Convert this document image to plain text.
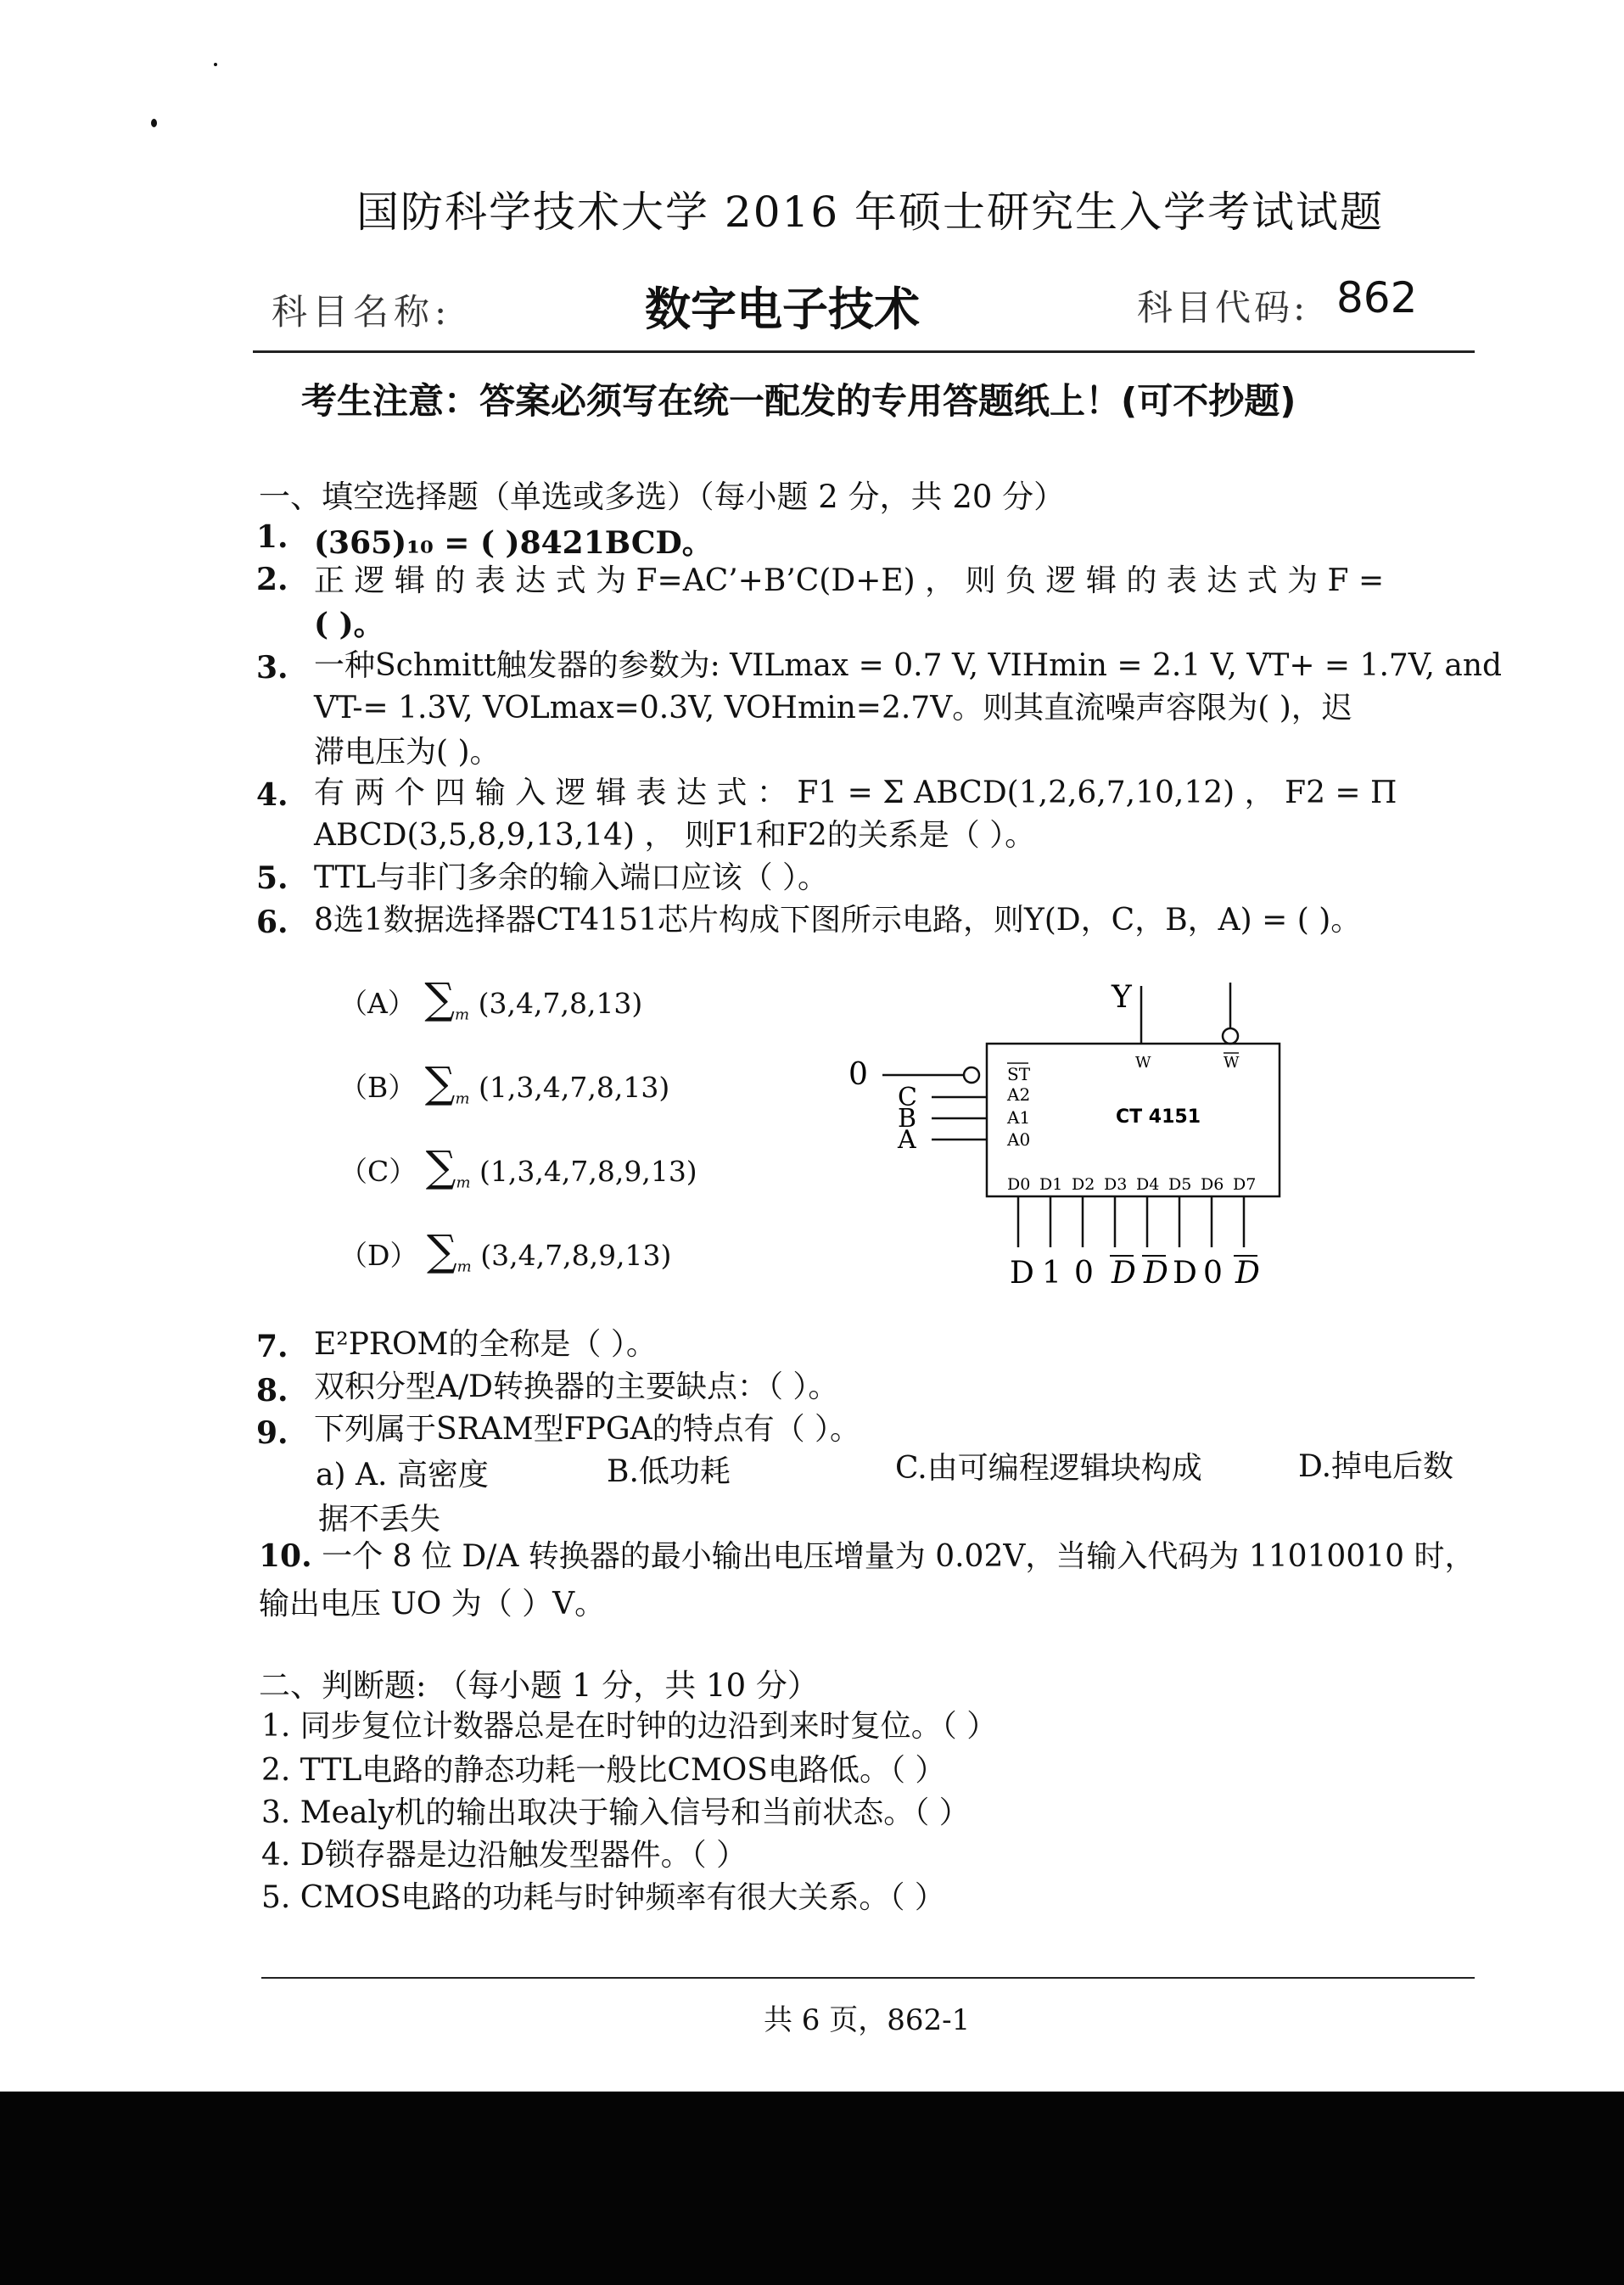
国防科学技术大学 2016 年硕士研究生入学考试试题
科目名称:	数字电子技术	科目代码: 862
考生注意：答案必须写在统一配发的专用答题纸上！(可不抄题)
一、填空选择题（单选或多选）（每小题 2 分，共 20 分）
1. (365)₁₀ = ( )8421BCD。
2. 正 逻 辑 的 表 达 式 为 F=AC’+B’C(D+E) ， 则 负 逻 辑 的 表 达 式 为 F =
( )。
3. 一种Schmitt触发器的参数为: VILmax = 0.7 V, VIHmin = 2.1 V, VT+ = 1.7V, and
VT-= 1.3V, VOLmax=0.3V, VOHmin=2.7V。则其直流噪声容限为( )，迟
滞电压为( )。
4. 有 两 个 四 输 入 逻 辑 表 达 式 ： F1 = Σ ABCD(1,2,6,7,10,12) ， F2 = Π
ABCD(3,5,8,9,13,14) ， 则F1和F2的关系是（ ）。
5. TTL与非门多余的输入端口应该（ ）。
6. 8选1数据选择器CT4151芯片构成下图所示电路，则Y(D，C，B，A) = ( )。
（A） $\sum_m$ (3,4,7,8,13)
（B） $\sum_m$ (1,3,4,7,8,13)
（C） $\sum_m$ (1,3,4,7,8,9,13)
（D） $\sum_m$ (3,4,7,8,9,13)
Y
W	W
ST
A2
A1
A0
CT 4151
0
C
B
A
D0 D1 D2 D3 D4 D5 D6 D7
D 1 0 D D D 0 D
7. E²PROM的全称是（ ）。
8. 双积分型A/D转换器的主要缺点：（ ）。
9. 下列属于SRAM型FPGA的特点有（ ）。
a) A. 高密度	B.低功耗	C.由可编程逻辑块构成	D.掉电后数
据不丢失
10. 一个 8 位 D/A 转换器的最小输出电压增量为 0.02V，当输入代码为 11010010 时，
输出电压 UO 为（ ）V。
二、判断题: （每小题 1 分，共 10 分）
1. 同步复位计数器总是在时钟的边沿到来时复位。（ ）
2. TTL电路的静态功耗一般比CMOS电路低。（ ）
3. Mealy机的输出取决于输入信号和当前状态。（ ）
4. D锁存器是边沿触发型器件。（ ）
5. CMOS电路的功耗与时钟频率有很大关系。（ ）
共 6 页，862-1
